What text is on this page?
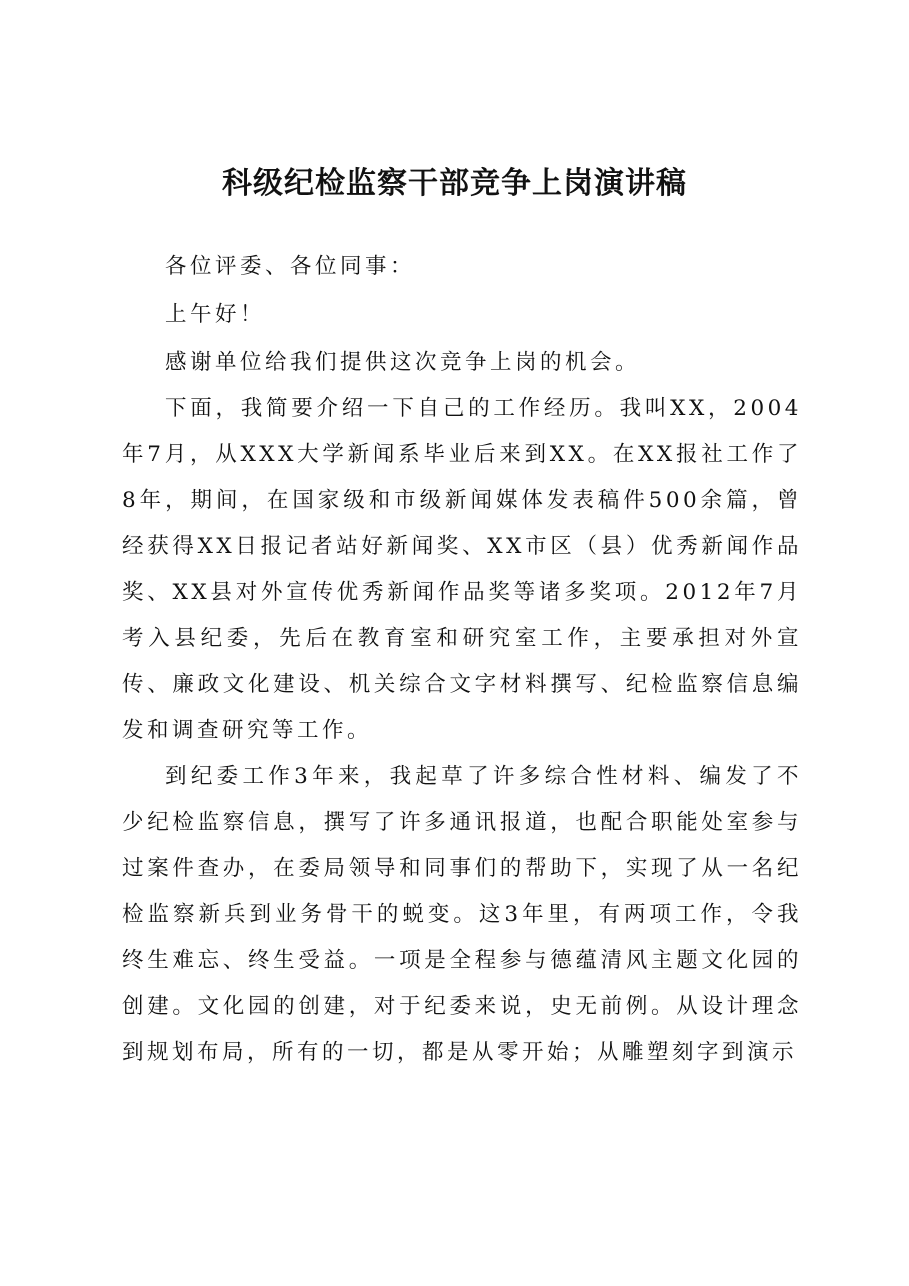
科级纪检监察干部竞争上岗演讲稿

各位评委、各位同事：

上午好！

感谢单位给我们提供这次竞争上岗的机会。

下面，我简要介绍一下自己的工作经历。我叫XX，2004年7月，从XXX大学新闻系毕业后来到XX。在XX报社工作了8年，期间，在国家级和市级新闻媒体发表稿件500余篇，曾经获得XX日报记者站好新闻奖、XX市区（县）优秀新闻作品奖、XX县对外宣传优秀新闻作品奖等诸多奖项。2012年7月考入县纪委，先后在教育室和研究室工作，主要承担对外宣传、廉政文化建设、机关综合文字材料撰写、纪检监察信息编发和调查研究等工作。

到纪委工作3年来，我起草了许多综合性材料、编发了不少纪检监察信息，撰写了许多通讯报道，也配合职能处室参与过案件查办，在委局领导和同事们的帮助下，实现了从一名纪检监察新兵到业务骨干的蜕变。这3年里，有两项工作，令我终生难忘、终生受益。一项是全程参与德蕴清风主题文化园的创建。文化园的创建，对于纪委来说，史无前例。从设计理念到规划布局，所有的一切，都是从零开始；从雕塑刻字到演示
